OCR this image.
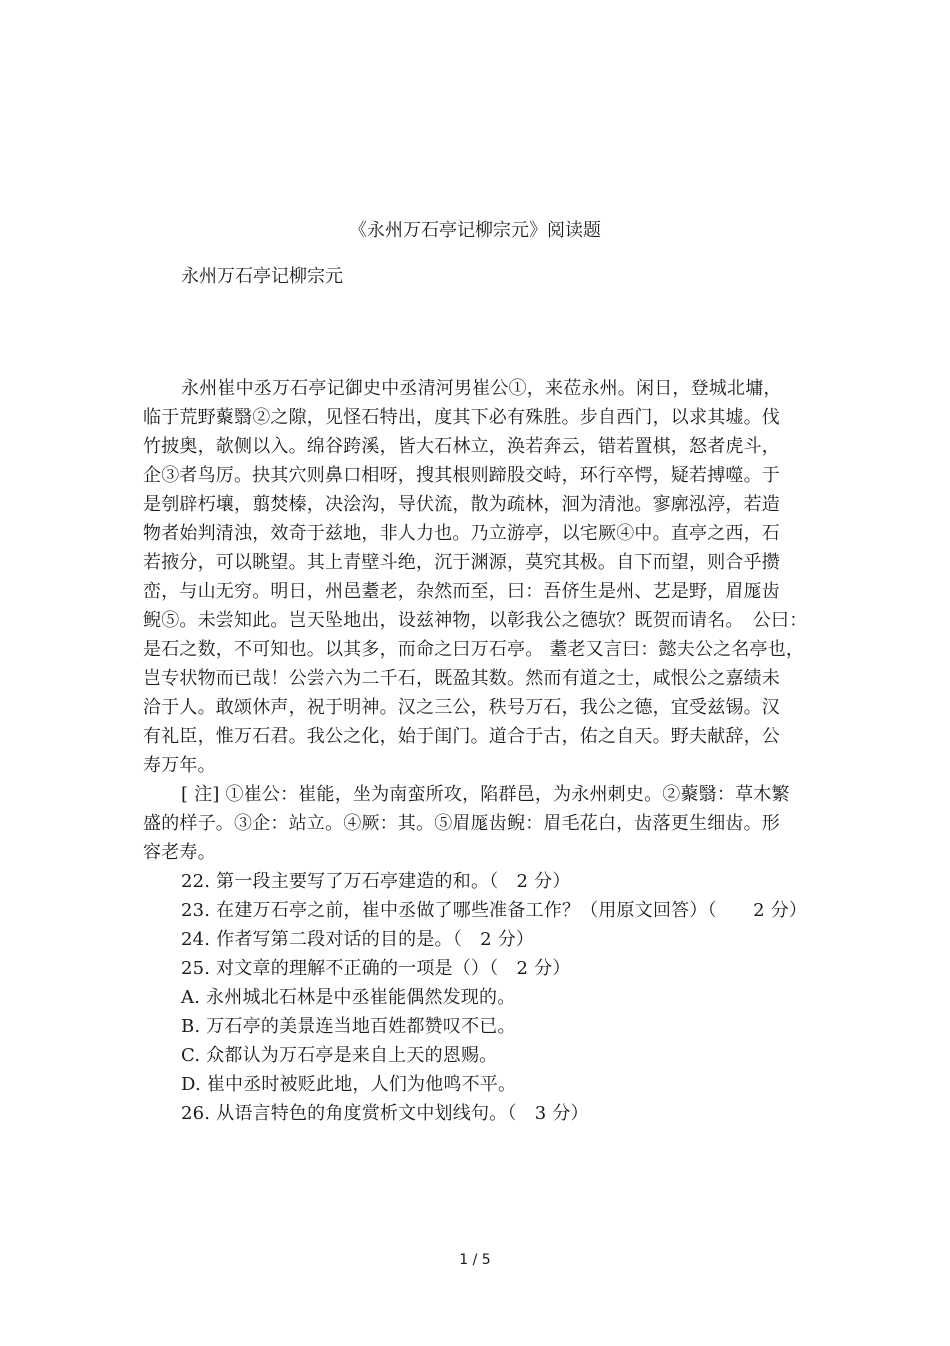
《永州万石亭记柳宗元》阅读题
永州万石亭记柳宗元
永州崔中丞万石亭记御史中丞清河男崔公①，来莅永州。闲日，登城北墉，
临于荒野藂翳②之隙，见怪石特出，度其下必有殊胜。步自西门，以求其墟。伐
竹披奥，欹侧以入。绵谷跨溪，皆大石林立，涣若奔云，错若置棋，怒者虎斗，
企③者鸟厉。抉其穴则鼻口相呀，搜其根则蹄股交峙，环行卒愕，疑若搏噬。于
是刳辟朽壤，翦焚榛，决浍沟，导伏流，散为疏林，洄为清池。寥廓泓渟，若造
物者始判清浊，效奇于兹地，非人力也。乃立游亭，以宅厥④中。直亭之西，石
若掖分，可以眺望。其上青壁斗绝，沉于渊源，莫究其极。自下而望，则合乎攒
峦，与山无穷。明日，州邑耋老，杂然而至，曰：吾侪生是州、艺是野，眉厖齿
鲵⑤。未尝知此。岂天坠地出，设兹神物，以彰我公之德欤？既贺而请名。　公曰：
是石之数，不可知也。以其多，而命之曰万石亭。 耋老又言曰：懿夫公之名亭也，
岂专状物而已哉！公尝六为二千石，既盈其数。然而有道之士，咸恨公之嘉绩未
洽于人。敢颂休声，祝于明神。汉之三公，秩号万石，我公之德，宜受兹锡。汉
有礼臣，惟万石君。我公之化，始于闺门。道合于古，佑之自天。野夫献辞，公
寿万年。
[ 注] ①崔公：崔能，坐为南蛮所攻，陷群邑，为永州刺史。②藂翳：草木繁
盛的样子。③企：站立。④厥：其。⑤眉厖齿鲵：眉毛花白，齿落更生细齿。形
容老寿。
22. 第一段主要写了万石亭建造的和。（　2 分）
23. 在建万石亭之前，崔中丞做了哪些准备工作？（用原文回答）（　　2 分）
24. 作者写第二段对话的目的是。（　2 分）
25. 对文章的理解不正确的一项是（）（　2 分）
A. 永州城北石林是中丞崔能偶然发现的。
B. 万石亭的美景连当地百姓都赞叹不已。
C. 众都认为万石亭是来自上天的恩赐。
D. 崔中丞时被贬此地，人们为他鸣不平。
26. 从语言特色的角度赏析文中划线句。（　3 分）
1 / 5
